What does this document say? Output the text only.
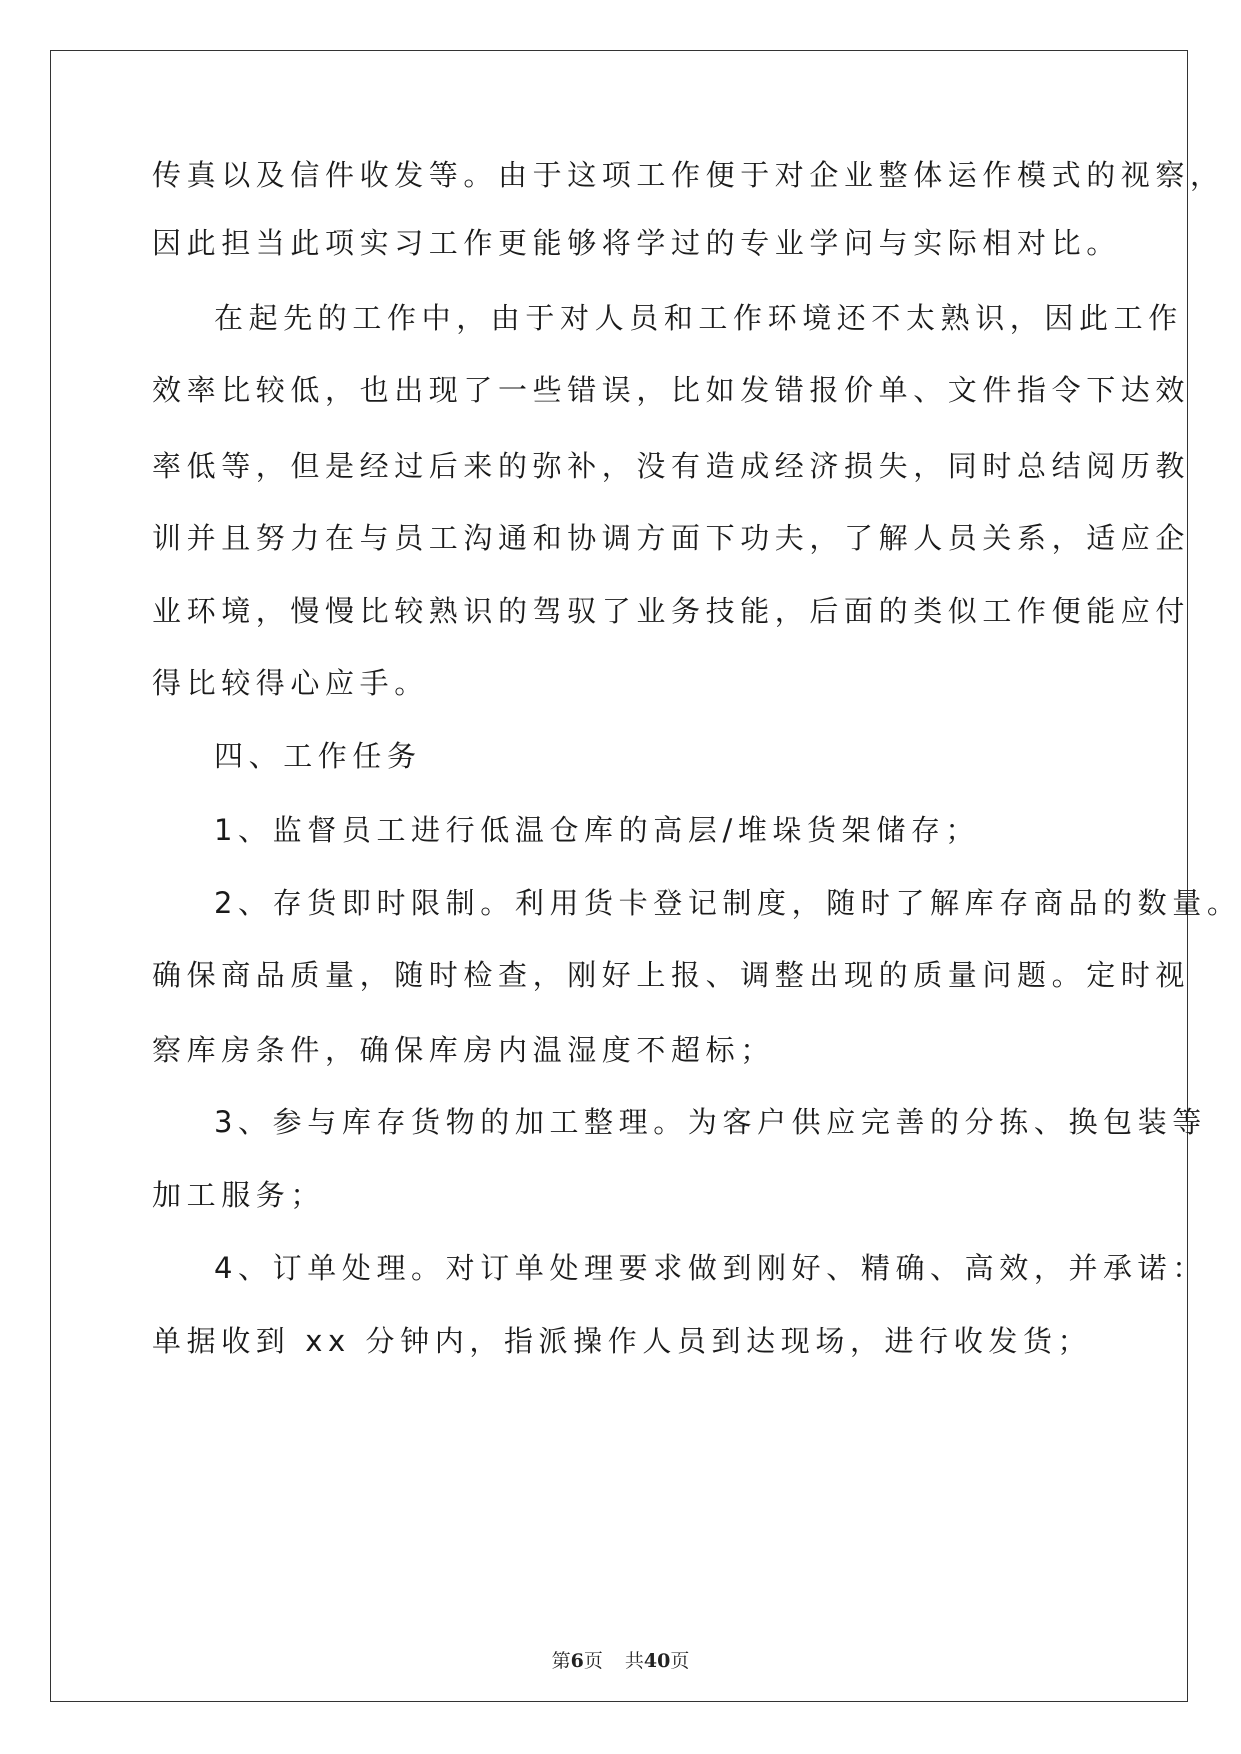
传真以及信件收发等。由于这项工作便于对企业整体运作模式的视察，
因此担当此项实习工作更能够将学过的专业学问与实际相对比。
在起先的工作中，由于对人员和工作环境还不太熟识，因此工作
效率比较低，也出现了一些错误，比如发错报价单、文件指令下达效
率低等，但是经过后来的弥补，没有造成经济损失，同时总结阅历教
训并且努力在与员工沟通和协调方面下功夫，了解人员关系，适应企
业环境，慢慢比较熟识的驾驭了业务技能，后面的类似工作便能应付
得比较得心应手。
四、工作任务
1、监督员工进行低温仓库的高层/堆垛货架储存；
2、存货即时限制。利用货卡登记制度，随时了解库存商品的数量。
确保商品质量，随时检查，刚好上报、调整出现的质量问题。定时视
察库房条件，确保库房内温湿度不超标；
3、参与库存货物的加工整理。为客户供应完善的分拣、换包装等
加工服务；
4、订单处理。对订单处理要求做到刚好、精确、高效，并承诺：
单据收到 xx 分钟内，指派操作人员到达现场，进行收发货；
第6页 共40页
